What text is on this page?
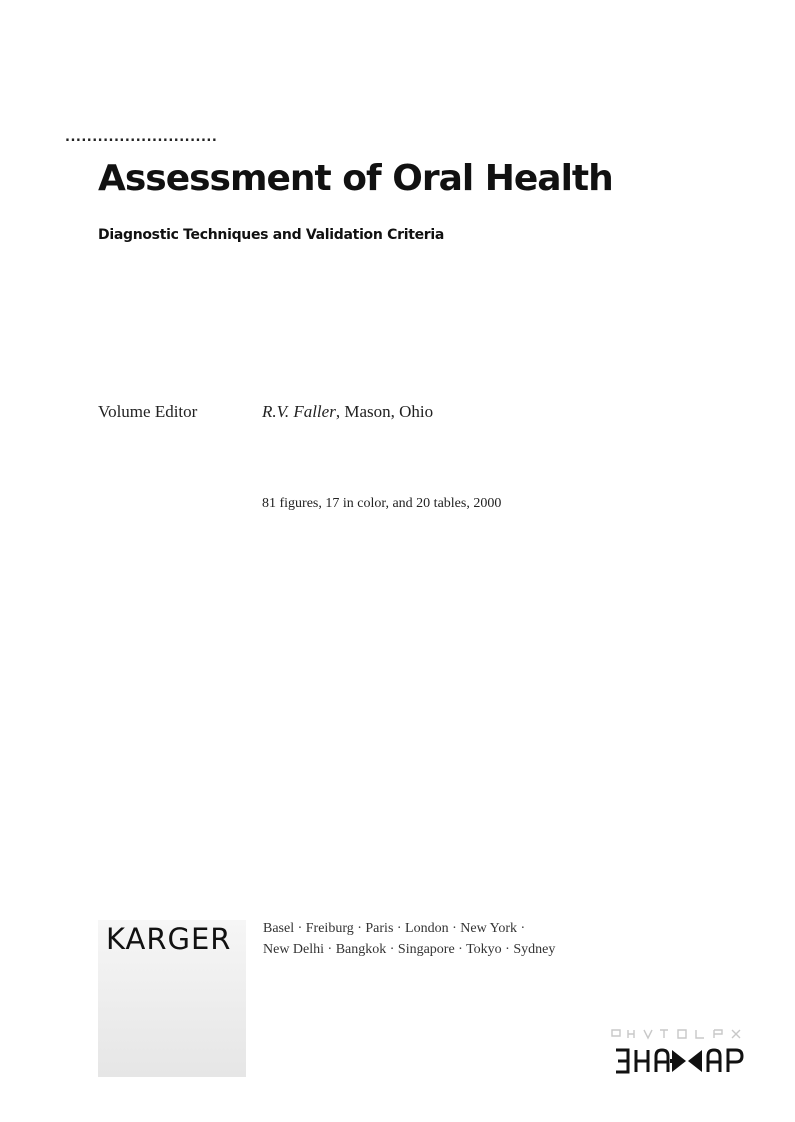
............................
Assessment of Oral Health
Diagnostic Techniques and Validation Criteria
Volume Editor	R.V. Faller, Mason, Ohio
81 figures, 17 in color, and 20 tables, 2000
KARGER Basel · Freiburg · Paris · London · New York ·
New Delhi · Bangkok · Singapore · Tokyo · Sydney
